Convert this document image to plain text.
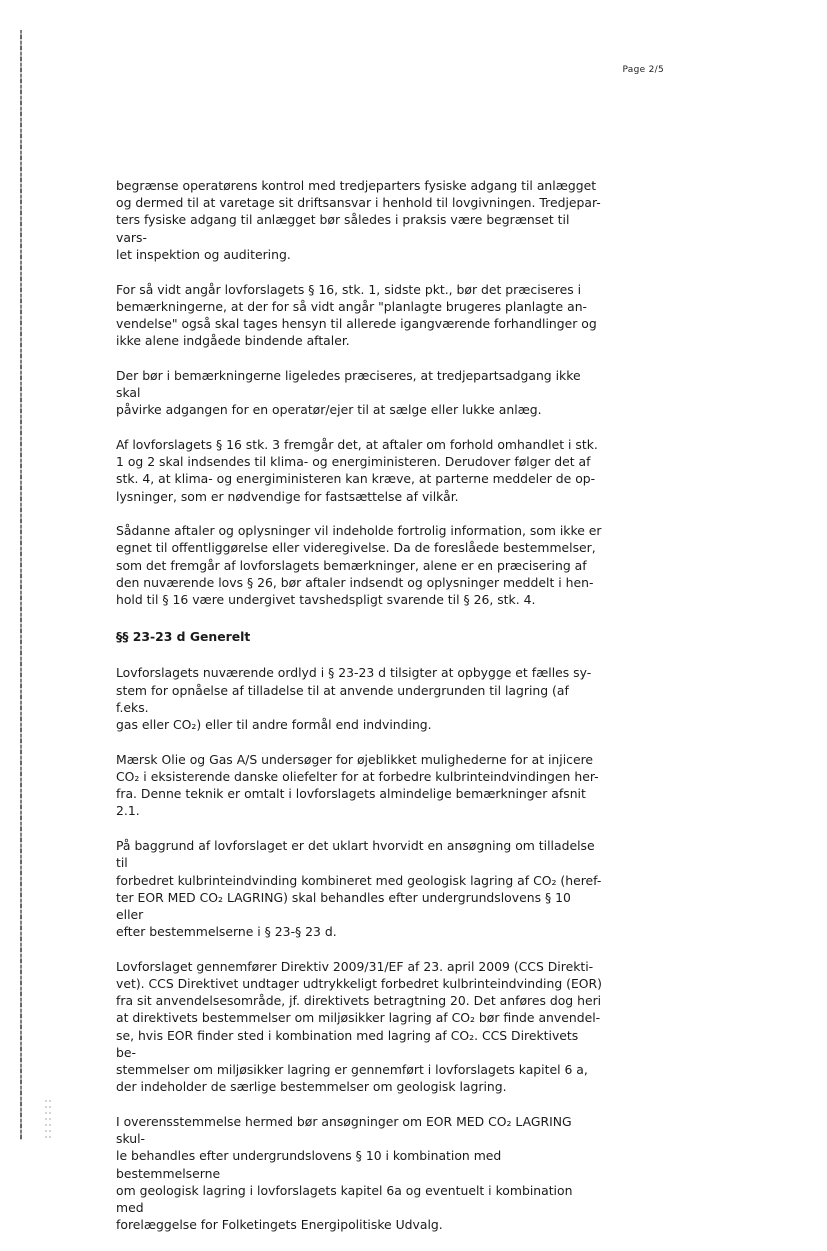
Page 2/5

begrænse operatørens kontrol med tredjeparters fysiske adgang til anlægget
og dermed til at varetage sit driftsansvar i henhold til lovgivningen. Tredjepar-
ters fysiske adgang til anlægget bør således i praksis være begrænset til vars-
let inspektion og auditering.

For så vidt angår lovforslagets § 16, stk. 1, sidste pkt., bør det præciseres i
bemærkningerne, at der for så vidt angår "planlagte brugeres planlagte an-
vendelse" også skal tages hensyn til allerede igangværende forhandlinger og
ikke alene indgåede bindende aftaler.

Der bør i bemærkningerne ligeledes præciseres, at tredjepartsadgang ikke skal
påvirke adgangen for en operatør/ejer til at sælge eller lukke anlæg.

Af lovforslagets § 16 stk. 3 fremgår det, at aftaler om forhold omhandlet i stk.
1 og 2 skal indsendes til klima- og energiministeren. Derudover følger det af
stk. 4, at klima- og energiministeren kan kræve, at parterne meddeler de op-
lysninger, som er nødvendige for fastsættelse af vilkår.

Sådanne aftaler og oplysninger vil indeholde fortrolig information, som ikke er
egnet til offentliggørelse eller videregivelse. Da de foreslåede bestemmelser,
som det fremgår af lovforslagets bemærkninger, alene er en præcisering af
den nuværende lovs § 26, bør aftaler indsendt og oplysninger meddelt i hen-
hold til § 16 være undergivet tavshedspligt svarende til § 26, stk. 4.

§§ 23-23 d Generelt

Lovforslagets nuværende ordlyd i § 23-23 d tilsigter at opbygge et fælles sy-
stem for opnåelse af tilladelse til at anvende undergrunden til lagring (af f.eks.
gas eller CO₂) eller til andre formål end indvinding.

Mærsk Olie og Gas A/S undersøger for øjeblikket mulighederne for at injicere
CO₂ i eksisterende danske oliefelter for at forbedre kulbrinteindvindingen her-
fra. Denne teknik er omtalt i lovforslagets almindelige bemærkninger afsnit
2.1.

På baggrund af lovforslaget er det uklart hvorvidt en ansøgning om tilladelse til
forbedret kulbrinteindvinding kombineret med geologisk lagring af CO₂ (heref-
ter EOR MED CO₂ LAGRING) skal behandles efter undergrundslovens § 10 eller
efter bestemmelserne i § 23-§ 23 d.

Lovforslaget gennemfører Direktiv 2009/31/EF af 23. april 2009 (CCS Direkti-
vet). CCS Direktivet undtager udtrykkeligt forbedret kulbrinteindvinding (EOR)
fra sit anvendelsesområde, jf. direktivets betragtning 20. Det anføres dog heri
at direktivets bestemmelser om miljøsikker lagring af CO₂ bør finde anvendel-
se, hvis EOR finder sted i kombination med lagring af CO₂. CCS Direktivets be-
stemmelser om miljøsikker lagring er gennemført i lovforslagets kapitel 6 a,
der indeholder de særlige bestemmelser om geologisk lagring.

I overensstemmelse hermed bør ansøgninger om EOR MED CO₂ LAGRING skul-
le behandles efter undergrundslovens § 10 i kombination med bestemmelserne
om geologisk lagring i lovforslagets kapitel 6a og eventuelt i kombination med
forelæggelse for Folketingets Energipolitiske Udvalg.
